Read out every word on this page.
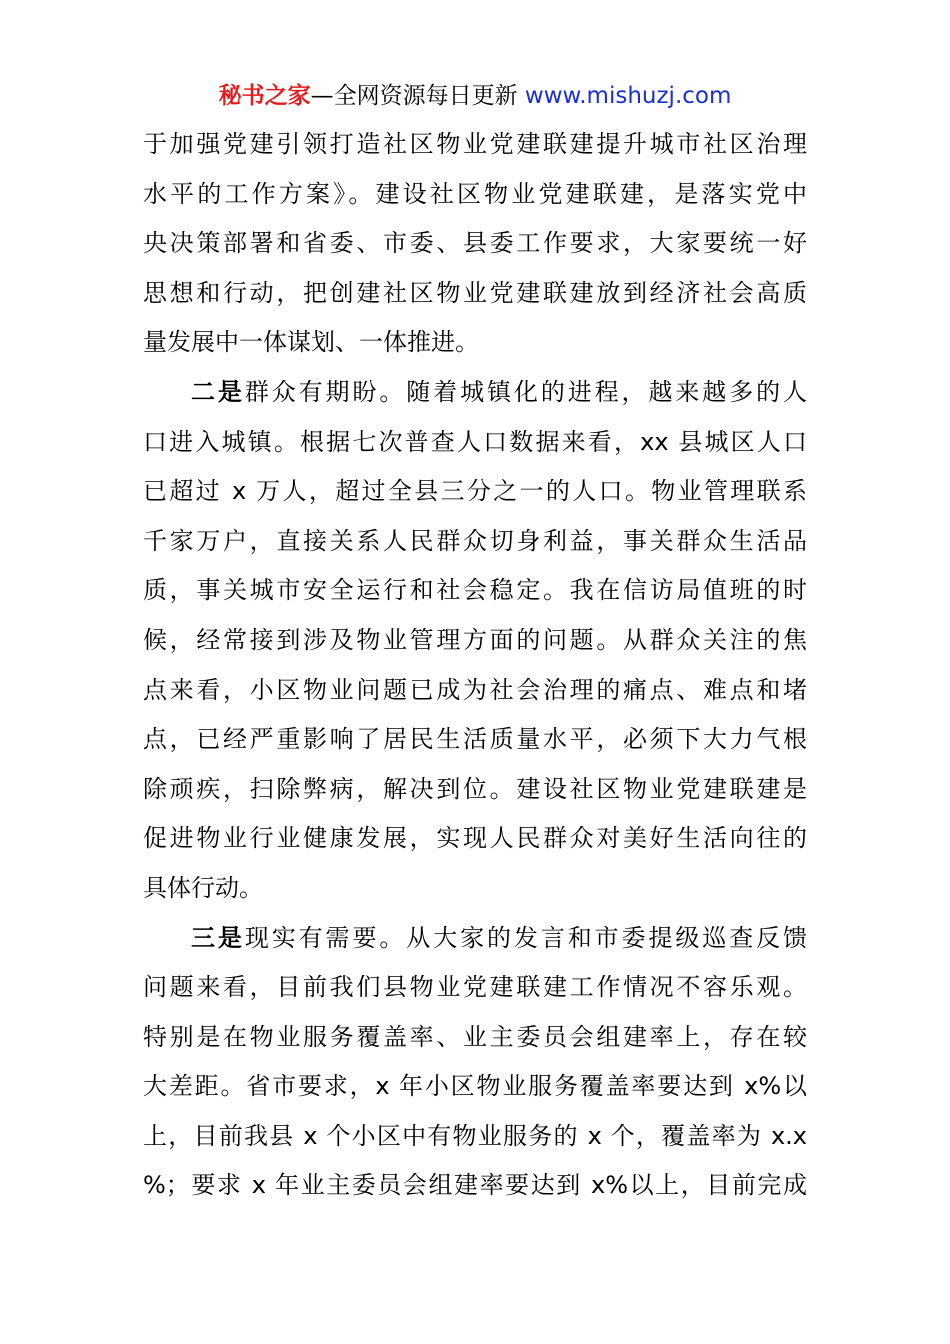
秘书之家—全网资源每日更新 www.mishuzj.com

于加强党建引领打造社区物业党建联建提升城市社区治理
水平的工作方案》。建设社区物业党建联建，是落实党中
央决策部署和省委、市委、县委工作要求，大家要统一好
思想和行动，把创建社区物业党建联建放到经济社会高质
量发展中一体谋划、一体推进。

二是群众有期盼。随着城镇化的进程，越来越多的人
口进入城镇。根据七次普查人口数据来看，xx 县城区人口
已超过 x 万人，超过全县三分之一的人口。物业管理联系
千家万户，直接关系人民群众切身利益，事关群众生活品
质，事关城市安全运行和社会稳定。我在信访局值班的时
候，经常接到涉及物业管理方面的问题。从群众关注的焦
点来看，小区物业问题已成为社会治理的痛点、难点和堵
点，已经严重影响了居民生活质量水平，必须下大力气根
除顽疾，扫除弊病，解决到位。建设社区物业党建联建是
促进物业行业健康发展，实现人民群众对美好生活向往的
具体行动。

三是现实有需要。从大家的发言和市委提级巡查反馈
问题来看，目前我们县物业党建联建工作情况不容乐观。
特别是在物业服务覆盖率、业主委员会组建率上，存在较
大差距。省市要求，x 年小区物业服务覆盖率要达到 x%以
上，目前我县 x 个小区中有物业服务的 x 个，覆盖率为 x.x
%；要求 x 年业主委员会组建率要达到 x%以上，目前完成
